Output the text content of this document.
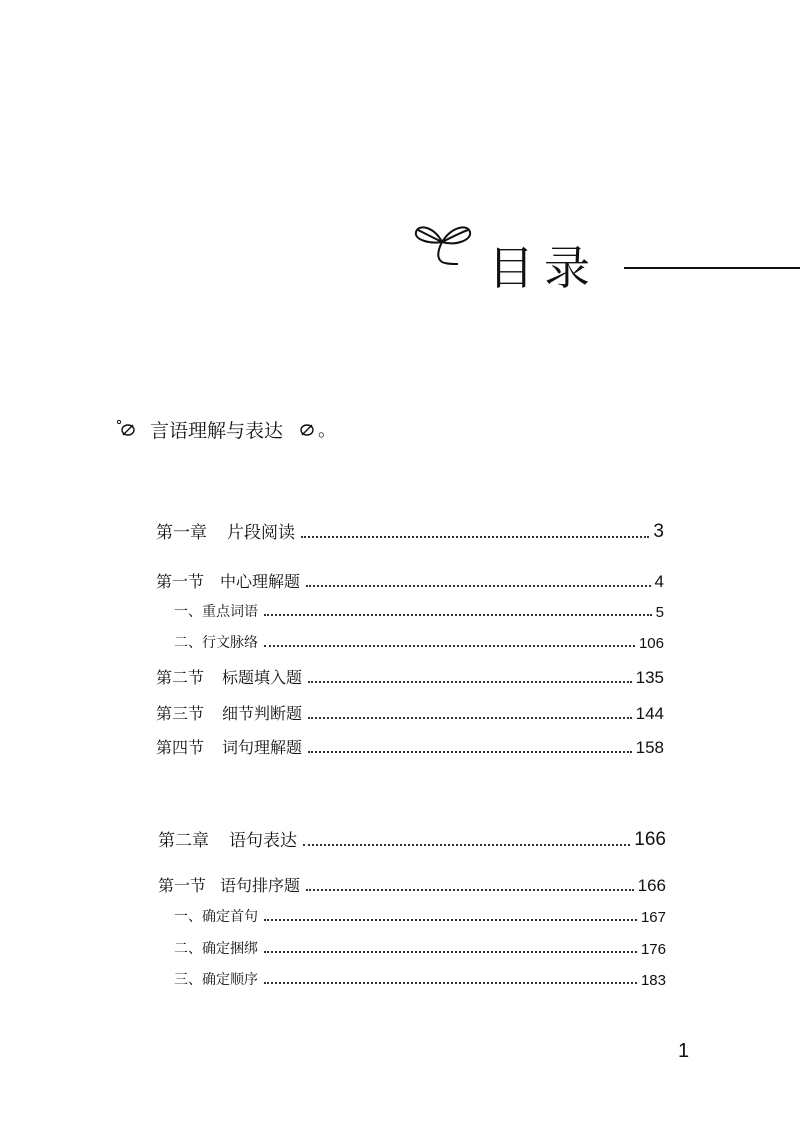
目录
言语理解与表达 。
第一章 片段阅读	3
第一节 中心理解题	4
一、 重点词语	5
二、 行文脉络	106
第二节 标题填入题	135
第三节 细节判断题	144
第四节 词句理解题	158
第二章 语句表达	166
第一节 语句排序题	166
一、 确定首句	167
二、 确定捆绑	176
三、 确定顺序	183
1
